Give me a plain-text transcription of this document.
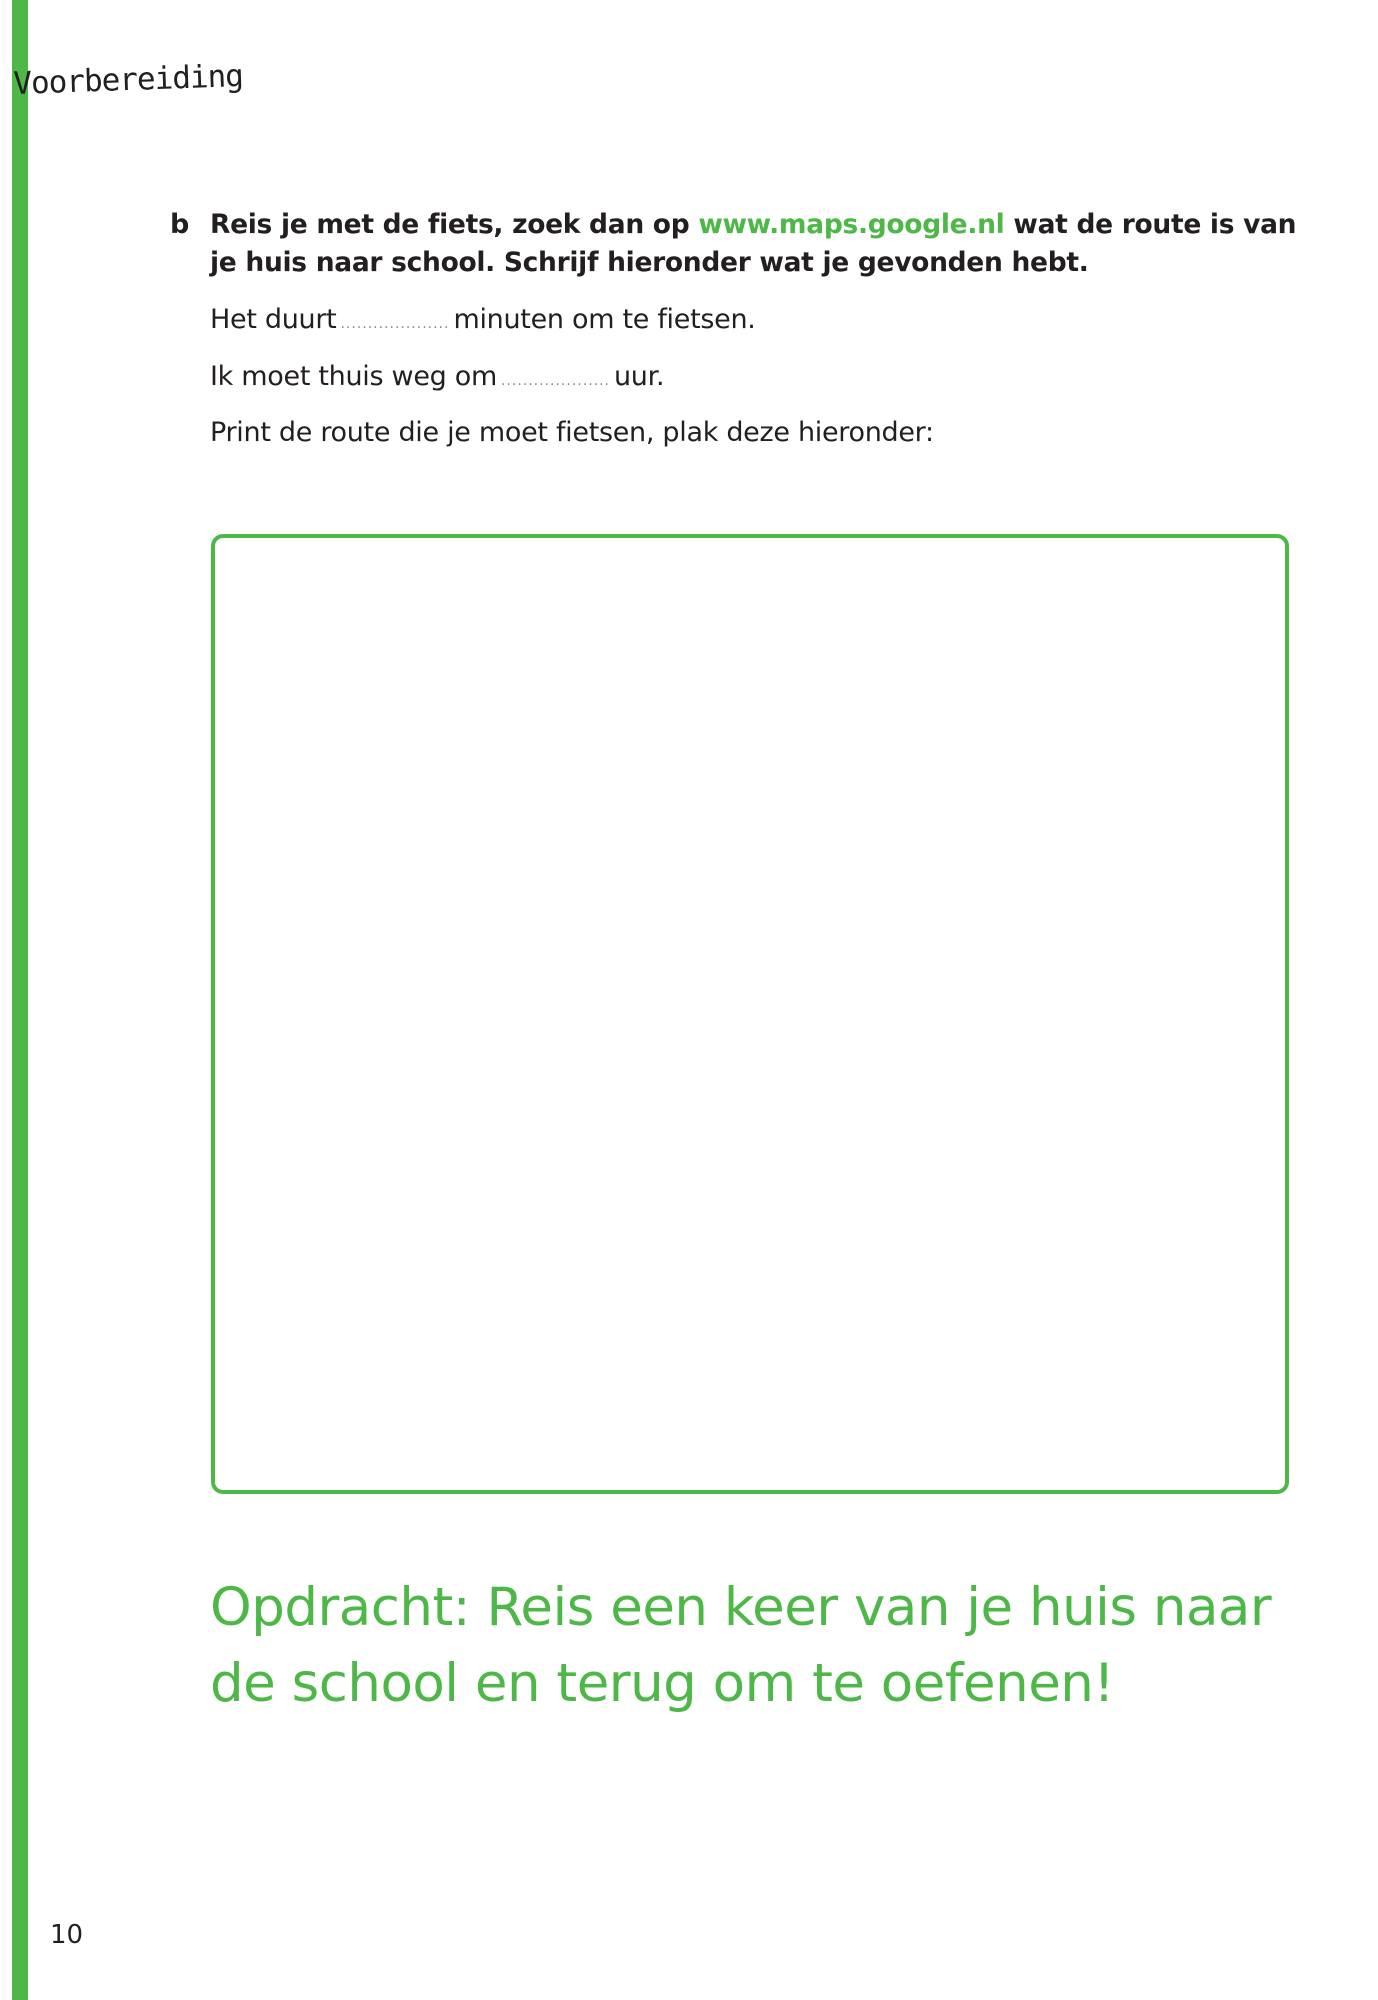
Voorbereiding
b Reis je met de fiets, zoek dan op www.maps.google.nl wat de route is van je huis naar school. Schrijf hieronder wat je gevonden hebt.
Het duurt .................... minuten om te fietsen.
Ik moet thuis weg om .................... uur.
Print de route die je moet fietsen, plak deze hieronder:
Opdracht: Reis een keer van je huis naar de school en terug om te oefenen!
10
